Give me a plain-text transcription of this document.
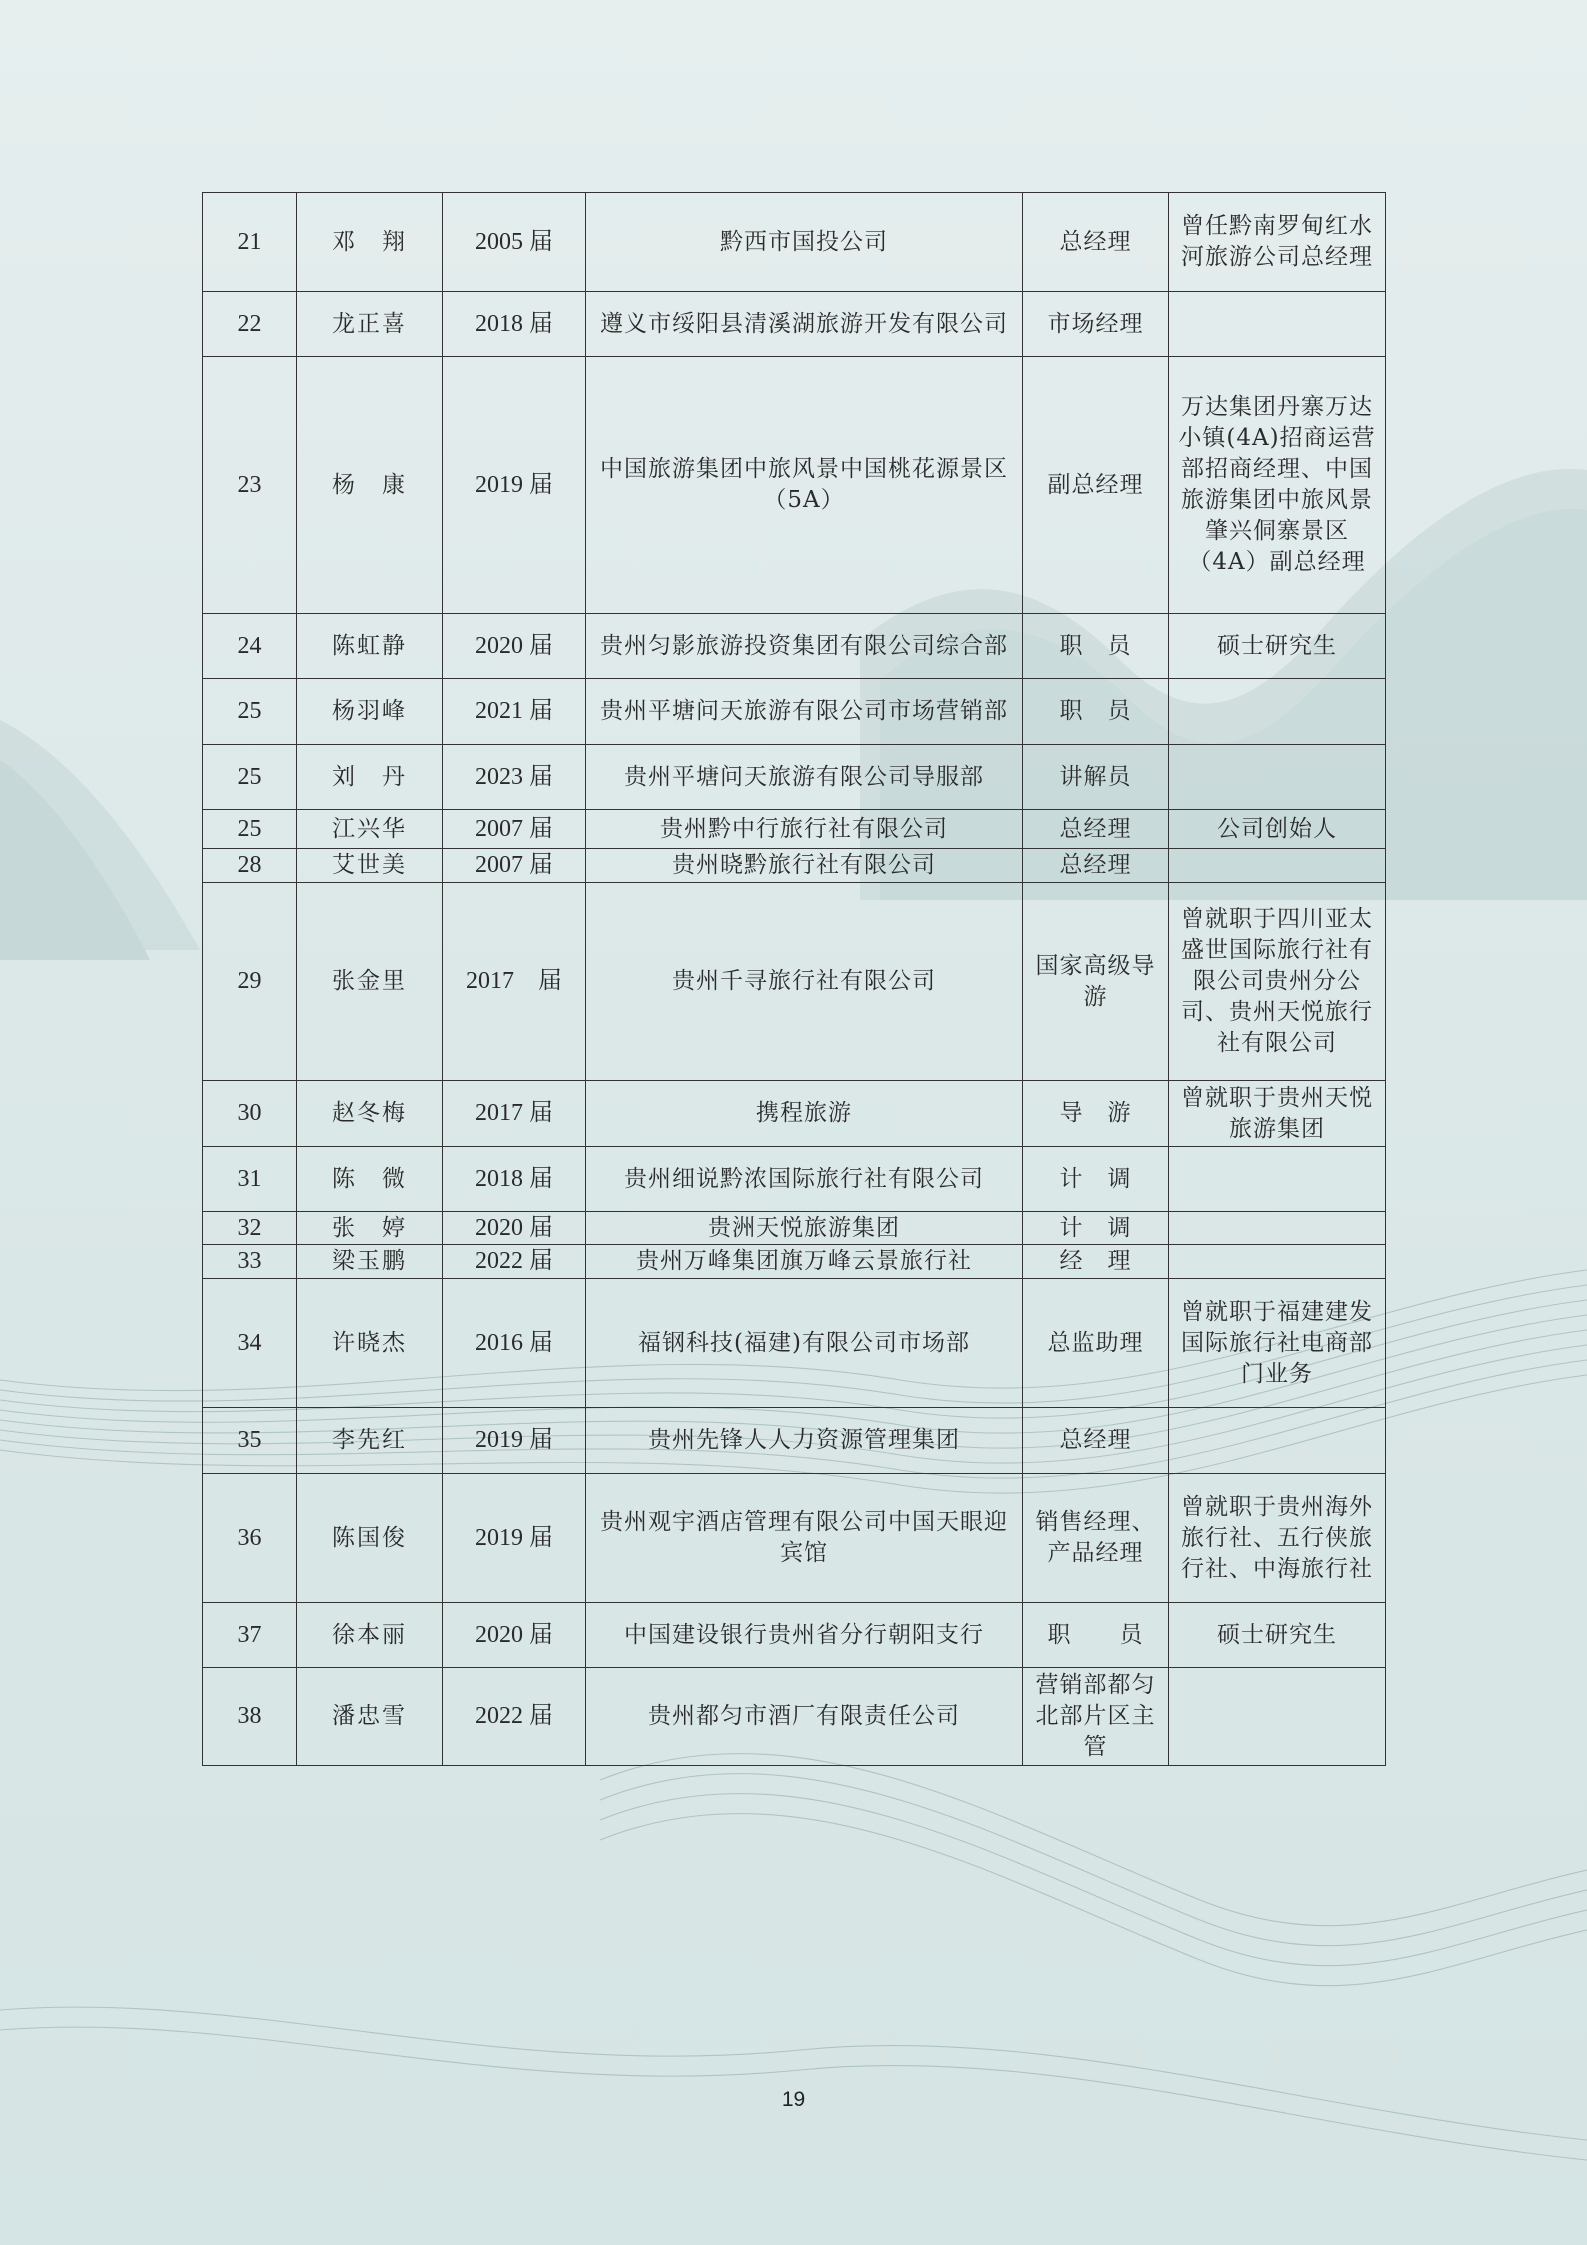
21	邓　翔	2005 届	黔西市国投公司	总经理	曾任黔南罗甸红水河旅游公司总经理
22	龙正喜	2018 届	遵义市绥阳县清溪湖旅游开发有限公司	市场经理	
23	杨　康	2019 届	中国旅游集团中旅风景中国桃花源景区（5A）	副总经理	万达集团丹寨万达小镇(4A)招商运营部招商经理、中国旅游集团中旅风景肇兴侗寨景区（4A）副总经理
24	陈虹静	2020 届	贵州匀影旅游投资集团有限公司综合部	职　员	硕士研究生
25	杨羽峰	2021 届	贵州平塘问天旅游有限公司市场营销部	职　员	
25	刘　丹	2023 届	贵州平塘问天旅游有限公司导服部	讲解员	
25	江兴华	2007 届	贵州黔中行旅行社有限公司	总经理	公司创始人
28	艾世美	2007 届	贵州晓黔旅行社有限公司	总经理	
29	张金里	2017　届	贵州千寻旅行社有限公司	国家高级导游	曾就职于四川亚太盛世国际旅行社有限公司贵州分公司、贵州天悦旅行社有限公司
30	赵冬梅	2017 届	携程旅游	导　游	曾就职于贵州天悦旅游集团
31	陈　微	2018 届	贵州细说黔浓国际旅行社有限公司	计　调	
32	张　婷	2020 届	贵洲天悦旅游集团	计　调	
33	梁玉鹏	2022 届	贵州万峰集团旗万峰云景旅行社	经　理	
34	许晓杰	2016 届	福钢科技(福建)有限公司市场部	总监助理	曾就职于福建建发国际旅行社电商部门业务
35	李先红	2019 届	贵州先锋人人力资源管理集团	总经理	
36	陈国俊	2019 届	贵州观宇酒店管理有限公司中国天眼迎宾馆	销售经理、产品经理	曾就职于贵州海外旅行社、五行侠旅行社、中海旅行社
37	徐本丽	2020 届	中国建设银行贵州省分行朝阳支行	职　　员	硕士研究生
38	潘忠雪	2022 届	贵州都匀市酒厂有限责任公司	营销部都匀北部片区主管	
19
